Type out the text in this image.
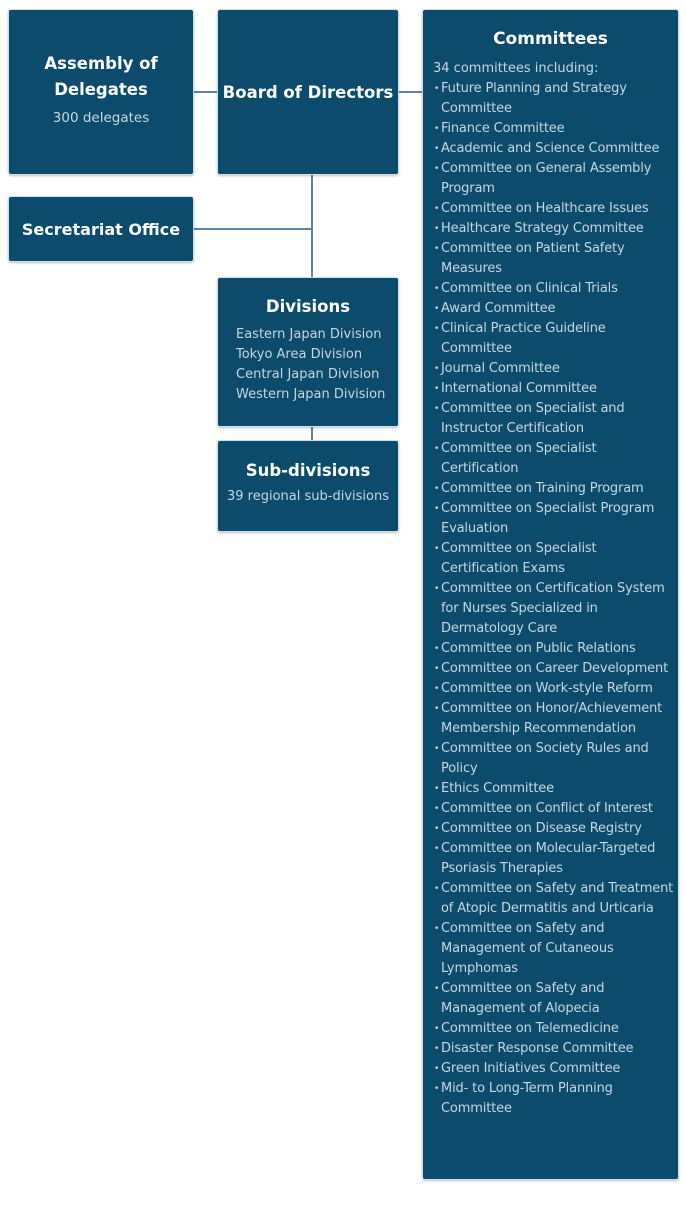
Assembly of Delegates
300 delegates
Board of Directors
Secretariat Office
Divisions
Eastern Japan Division
Tokyo Area Division
Central Japan Division
Western Japan Division
Sub-divisions
39 regional sub-divisions
Committees
34 committees including:
• Future Planning and Strategy Committee
• Finance Committee
• Academic and Science Committee
• Committee on General Assembly Program
• Committee on Healthcare Issues
• Healthcare Strategy Committee
• Committee on Patient Safety Measures
• Committee on Clinical Trials
• Award Committee
• Clinical Practice Guideline Committee
• Journal Committee
• International Committee
• Committee on Specialist and Instructor Certification
• Committee on Specialist Certification
• Committee on Training Program
• Committee on Specialist Program Evaluation
• Committee on Specialist Certification Exams
• Committee on Certification System for Nurses Specialized in Dermatology Care
• Committee on Public Relations
• Committee on Career Development
• Committee on Work-style Reform
• Committee on Honor/Achievement Membership Recommendation
• Committee on Society Rules and Policy
• Ethics Committee
• Committee on Conflict of Interest
• Committee on Disease Registry
• Committee on Molecular-Targeted Psoriasis Therapies
• Committee on Safety and Treatment of Atopic Dermatitis and Urticaria
• Committee on Safety and Management of Cutaneous Lymphomas
• Committee on Safety and Management of Alopecia
• Committee on Telemedicine
• Disaster Response Committee
• Green Initiatives Committee
• Mid- to Long-Term Planning Committee
